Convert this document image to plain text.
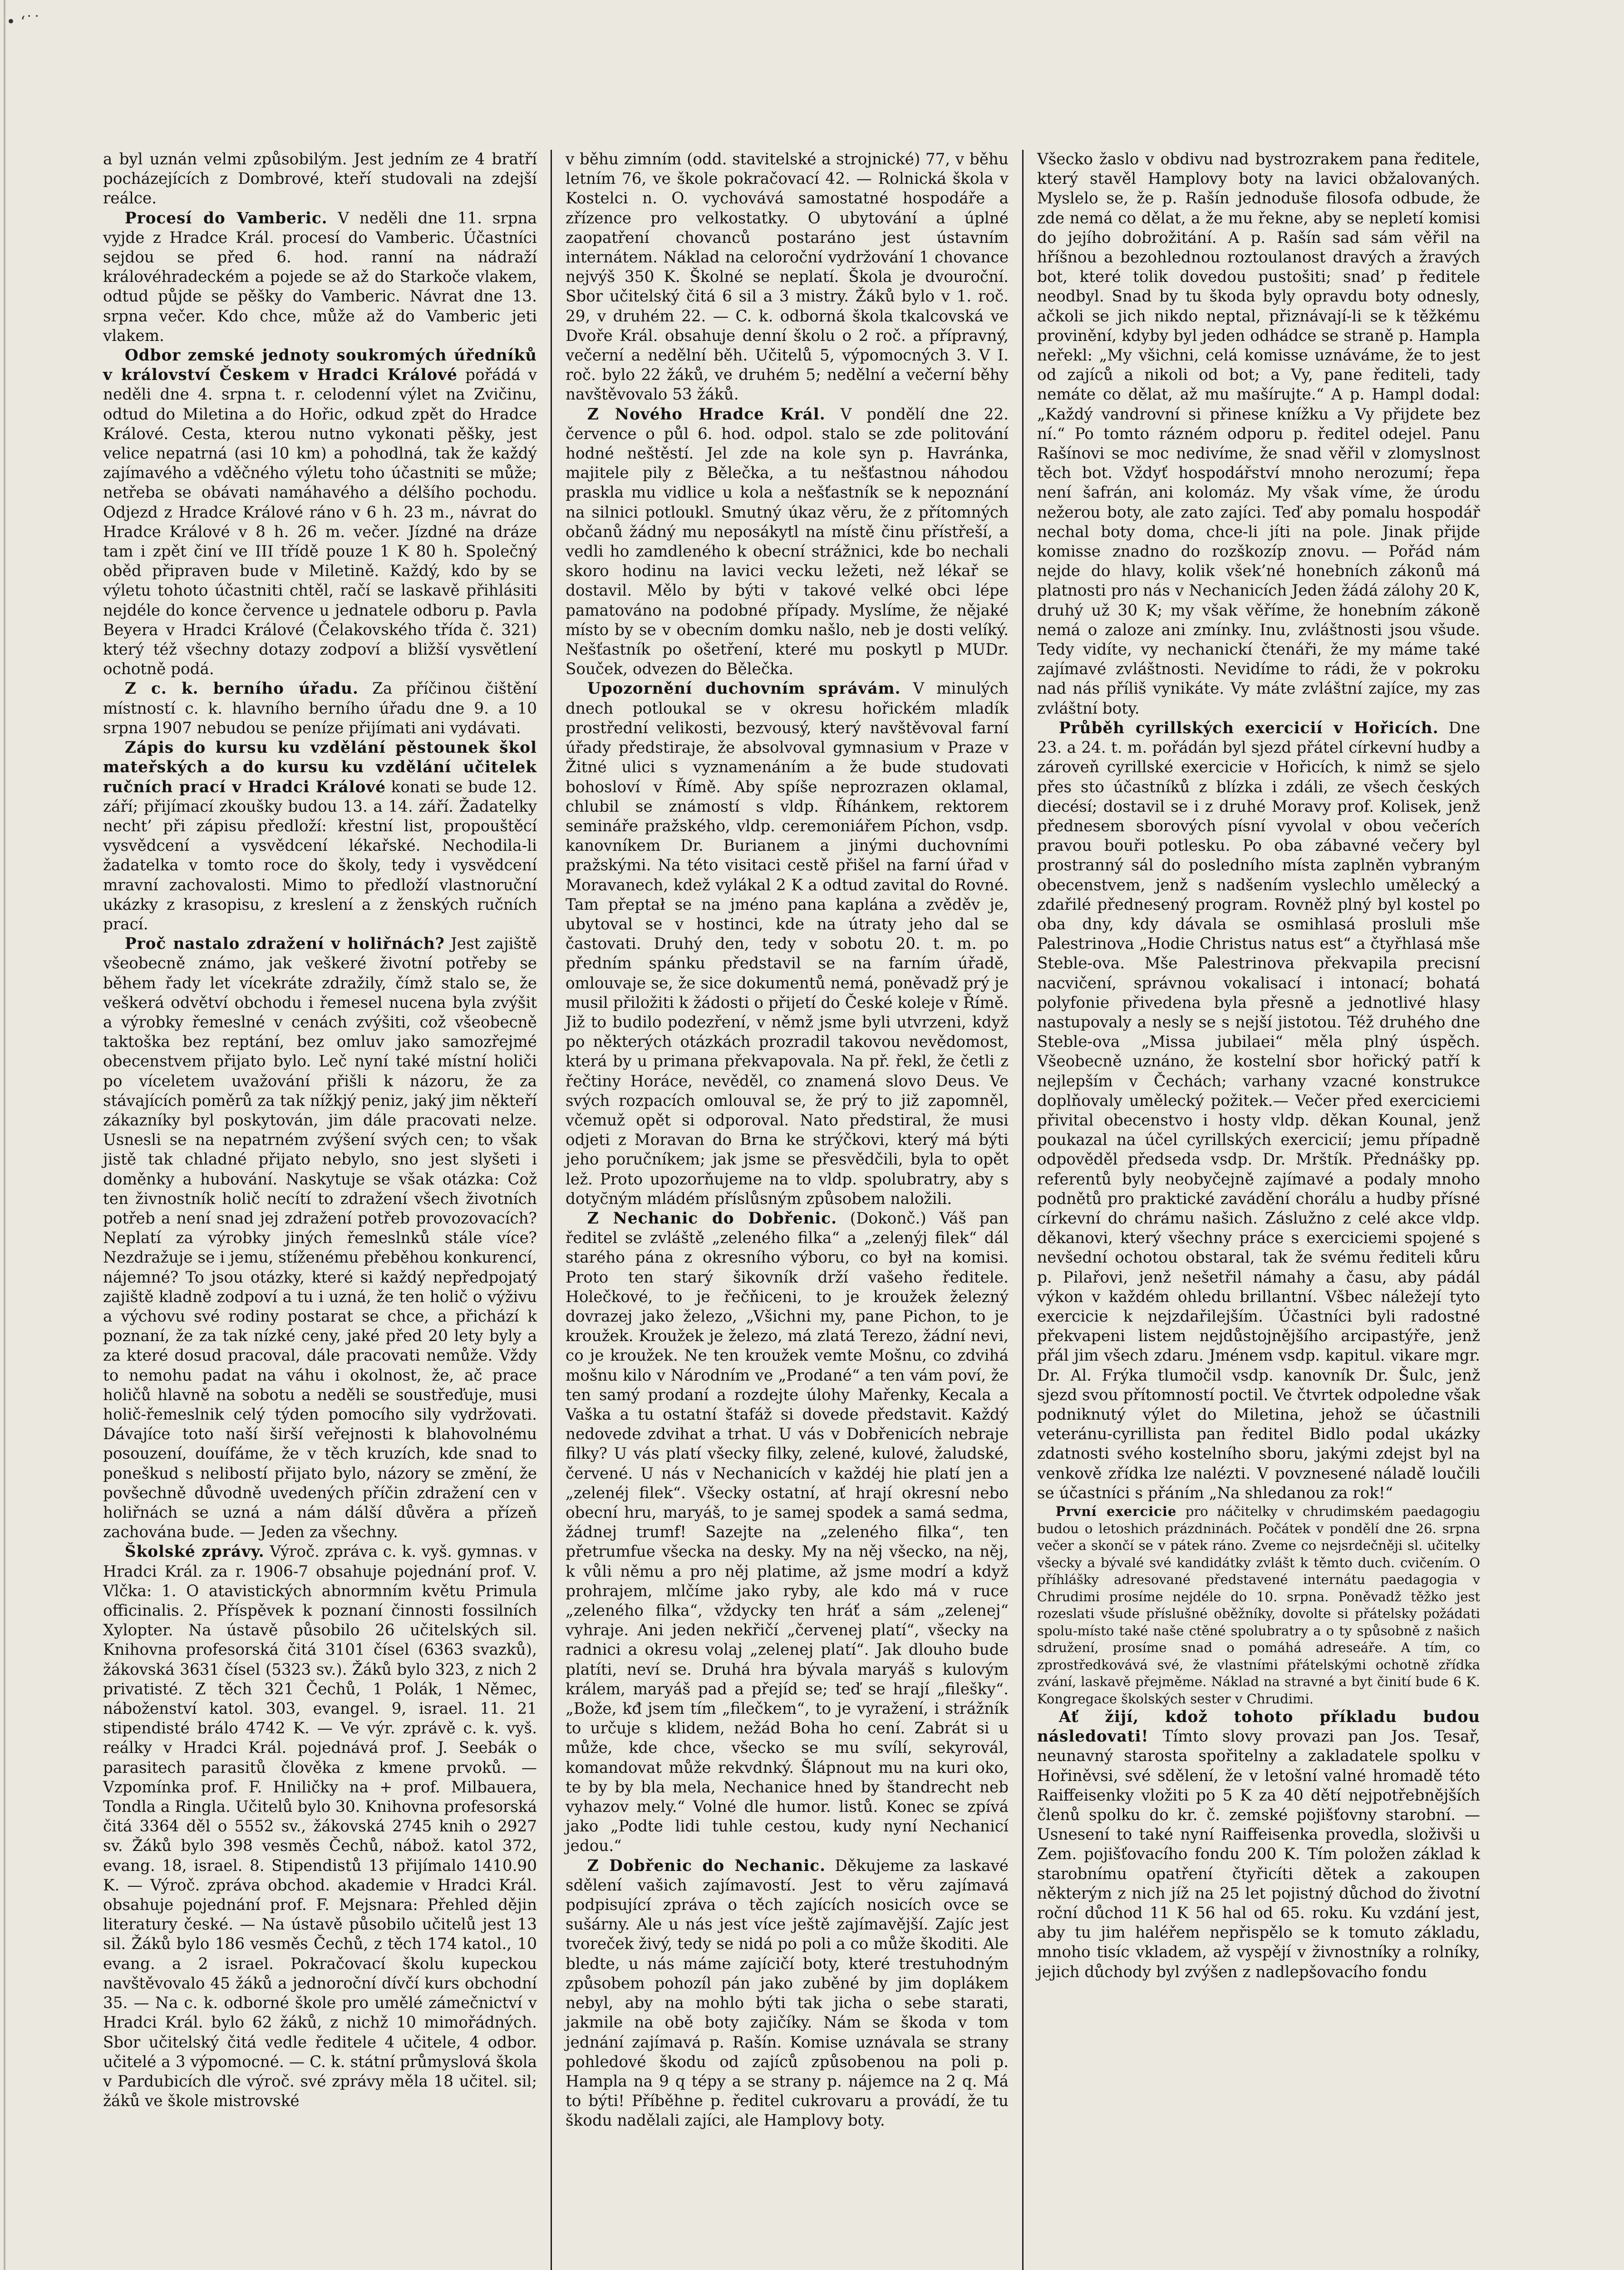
• ‘˙˙

a byl uznán velmi způsobilým. Jest jedním ze 4 bratří pocházejících z Dombrové, kteří studovali na zdejší reálce.

Procesí do Vamberic. V neděli dne 11. srpna vyjde z Hradce Král. procesí do Vamberic. Účastníci sejdou se před 6. hod. ranní na nádraží královéhradeckém a pojede se až do Starkoče vlakem, odtud půjde se pěšky do Vamberic. Návrat dne 13. srpna večer. Kdo chce, může až do Vamberic jeti vlakem.

Odbor zemské jednoty soukromých úředníků v království Českem v Hradci Králové pořádá v neděli dne 4. srpna t. r. celodenní výlet na Zvičinu, odtud do Miletina a do Hořic, odkud zpět do Hradce Králové. Cesta, kterou nutno vykonati pěšky, jest velice nepatrná (asi 10 km) a pohodlná, tak že každý zajímavého a vděčného výletu toho účastniti se může; netřeba se obávati namáhavého a délšího pochodu. Odjezd z Hradce Králové ráno v 6 h. 23 m., návrat do Hradce Králové v 8 h. 26 m. večer. Jízdné na dráze tam i zpět činí ve III třídě pouze 1 K 80 h. Společný oběd připraven bude v Miletině. Každý, kdo by se výletu tohoto účastniti chtěl, račí se laskavě přihlásiti nejdéle do konce července u jednatele odboru p. Pavla Beyera v Hradci Králové (Čelakovského třída č. 321) který též všechny dotazy zodpoví a bližší vysvětlení ochotně podá.

Z c. k. berního úřadu. Za příčinou čištění místností c. k. hlavního berního úřadu dne 9. a 10 srpna 1907 nebudou se peníze přijímati ani vydávati.

Zápis do kursu ku vzdělání pěstounek škol mateřských a do kursu ku vzdělání učitelek ručních prací v Hradci Králové konati se bude 12. září; přijímací zkoušky budou 13. a 14. září. Žadatelky necht’ při zápisu předloží: křestní list, propouštěcí vysvědcení a vysvědcení lékařské. Nechodila-li žadatelka v tomto roce do školy, tedy i vysvědcení mravní zachovalosti. Mimo to předloží vlastnoruční ukázky z krasopisu, z kreslení a z ženských ručních prací.

Proč nastalo zdražení v holiřnách? Jest zajiště všeobecně známo, jak veškeré životní potřeby se během řady let vícekráte zdražily, čímž stalo se, že veškerá odvětví obchodu i řemesel nucena byla zvýšit a výrobky řemeslné v cenách zvýšiti, což všeobecně taktoška bez reptání, bez omluv jako samozřejmé obecenstvem přijato bylo. Leč nyní také místní holiči po víceletem uvažování přišli k názoru, že za stávajících poměrů za tak nížkjý peniz, jaký jim někteří zákazníky byl poskytován, jim dále pracovati nelze. Usnesli se na nepatrném zvýšení svých cen; to však jistě tak chladné přijato nebylo, sno jest slyšeti i doměnky a hubování. Naskytuje se však otázka: Což ten živnostník holič necítí to zdražení všech životních potřeb a není snad jej zdražení potřeb provozovacích? Neplatí za výrobky jiných řemeslnků stále více? Nezdražuje se i jemu, stíženému přeběhou konkurencí, nájemné? To jsou otázky, které si každý nepředpojatý zajiště kladně zodpoví a tu i uzná, že ten holič o výživu a výchovu své rodiny postarat se chce, a přichází k poznaní, že za tak nízké ceny, jaké před 20 lety byly a za které dosud pracoval, dále pracovati nemůže. Vždy to nemohu padat na váhu i okolnost, že, ač prace holičů hlavně na sobotu a neděli se soustřeďuje, musi holič-řemeslnik celý týden pomocího sily vydržovati. Dávajíce toto naší širší veřejnosti k blahovolnému posouzení, douífáme, že v těch kruzích, kde snad to poneškud s nelibostí přijato bylo, názory se změní, že povšechně důvodně uvedených příčin zdražení cen v holiřnách se uzná a nám dálší důvěra a přízeň zachována bude. — Jeden za všechny.

Školské zprávy. Výroč. zpráva c. k. vyš. gymnas. v Hradci Král. za r. 1906-7 obsahuje pojednání prof. V. Vlčka: 1. O atavistických abnormním květu Primula officinalis. 2. Příspěvek k poznaní činnosti fossilních Xylopter. Na ústavě působilo 26 učitelských sil. Knihovna profesorská čitá 3101 čísel (6363 svazků), žákovská 3631 čísel (5323 sv.). Žáků bylo 323, z nich 2 privatisté. Z těch 321 Čechů, 1 Polák, 1 Němec, náboženství katol. 303, evangel. 9, israel. 11. 21 stipendisté brálo 4742 K. — Ve výr. zprávě c. k. vyš. reálky v Hradci Král. pojednává prof. J. Seebák o parasitech parasitů člověka z kmene prvoků. — Vzpomínka prof. F. Hniličky na + prof. Milbauera, Tondla a Ringla. Učitelů bylo 30. Knihovna profesorská čitá 3364 děl o 5552 sv., žákovská 2745 knih o 2927 sv. Žáků bylo 398 vesměs Čechů, nábož. katol 372, evang. 18, israel. 8. Stipendistů 13 přijímalo 1410.90 K. — Výroč. zpráva obchod. akademie v Hradci Král. obsahuje pojednání prof. F. Mejsnara: Přehled dějin literatury české. — Na ústavě působilo učitelů jest 13 sil. Žáků bylo 186 vesměs Čechů, z těch 174 katol., 10 evang. a 2 israel. Pokračovací školu kupeckou navštěvovalo 45 žáků a jednoroční dívčí kurs obchodní 35. — Na c. k. odborné škole pro umělé zámečnictví v Hradci Král. bylo 62 žáků, z nichž 10 mimořádných. Sbor učitelský čitá vedle ředitele 4 učitele, 4 odbor. učitelé a 3 výpomocné. — C. k. státní průmyslová škola v Pardubicích dle výroč. své zprávy měla 18 učitel. sil; žáků ve škole mistrovské

v běhu zimním (odd. stavitelské a strojnické) 77, v běhu letním 76, ve škole pokračovací 42. — Rolnická škola v Kostelci n. O. vychovává samostatné hospodáře a zřízence pro velkostatky. O ubytování a úplné zaopatření chovanců postaráno jest ústavním internátem. Náklad na celoroční vydržování 1 chovance nejvýš 350 K. Školné se neplatí. Škola je dvouroční. Sbor učitelský čitá 6 sil a 3 mistry. Žáků bylo v 1. roč. 29, v druhém 22. — C. k. odborná škola tkalcovská ve Dvoře Král. obsahuje denní školu o 2 roč. a přípravný, večerní a nedělní běh. Učitelů 5, výpomocných 3. V I. roč. bylo 22 žáků, ve druhém 5; nedělní a večerní běhy navštěvovalo 53 žáků.

Z Nového Hradce Král. V pondělí dne 22. července o půl 6. hod. odpol. stalo se zde politování hodné neštěstí. Jel zde na kole syn p. Havránka, majitele pily z Bělečka, a tu nešťastnou náhodou praskla mu vidlice u kola a nešťastník se k nepoznání na silnici potloukl. Smutný úkaz věru, že z přítomných občanů žádný mu neposákytl na místě činu přístřeší, a vedli ho zamdleného k obecní strážnici, kde bo nechali skoro hodinu na lavici vecku ležeti, než lékař se dostavil. Mělo by býti v takové velké obci lépe pamatováno na podobné případy. Myslíme, že nějaké místo by se v obecním domku našlo, neb je dosti velíký. Nešťastník po ošetření, které mu poskytl p MUDr. Souček, odvezen do Bělečka.

Upozornění duchovním správám. V minulých dnech potloukal se v okresu hořickém mladík prostřední velikosti, bezvousý, který navštěvoval farní úřady předstiraje, že absolvoval gymnasium v Praze v Žitné ulici s vyznamenáním a že bude studovati bohosloví v Římě. Aby spíše neprozrazen oklamal, chlubil se známostí s vldp. Říhánkem, rektorem semináře pražského, vldp. ceremoniářem Píchon, vsdp. kanovníkem Dr. Burianem a jinými duchovními pražskými. Na této visitaci cestě přišel na farní úřad v Moravanech, kdež vylákal 2 K a odtud zavital do Rovné. Tam přeptał se na jméno pana kaplána a zvěděv je, ubytoval se v hostinci, kde na útraty jeho dal se častovati. Druhý den, tedy v sobotu 20. t. m. po předním spánku představil se na farním úřadě, omlouvaje se, že sice dokumentů nemá, poněvadž prý je musil přiložiti k žádosti o přijetí do České koleje v Římě. Již to budilo podezření, v němž jsme byli utvrzeni, když po některých otázkách prozradil takovou nevědomost, která by u primana překvapovala. Na př. řekl, že četli z řečtiny Horáce, nevěděl, co znamená slovo Deus. Ve svých rozpacích omlouval se, že prý to již zapomněl, včemuž opět si odporoval. Nato předstiral, že musi odjeti z Moravan do Brna ke strýčkovi, který má býti jeho poručníkem; jak jsme se přesvědčili, byla to opět lež. Proto upozorňujeme na to vldp. spolubratry, aby s dotyc̆ným mládém příslůsným způsobem naložili.

Z Nechanic do Dobřenic. (Dokonč.) Váš pan ředitel se zvláště „zeleného filka“ a „zelenýj filek“ dál starého pána z okresního výboru, co był na komisi. Proto ten starý šikovník drží vašeho ředitele. Holečkové, to je řečňiceni, to je kroužek železný dovrazej jako železo, „Všichni my, pane Pichon, to je kroužek. Kroužek je železo, má zlatá Terezo, žádní nevi, co je kroužek. Ne ten kroužek vemte Mošnu, co zdvihá mošnu kilo v Národním ve „Prodané“ a ten vám poví, že ten samý prodaní a rozdejte úlohy Mařenky, Kecala a Vaška a tu ostatní štafáž si dovede představit. Každý nedovede zdvihat a trhat. U vás v Dobřenicích nebraje filky? U vás platí všecky filky, zelené, kulové, žaludské, červené. U nás v Nechanicích v každéj hie platí jen a „zelenéj filek“. Všecky ostatní, ať hrají okresní nebo obecní hru, maryáš, to je samej spodek a samá sedma, žádnej trumf! Sazejte na „zeleného filka“, ten přetrumfue všecka na desky. My na něj všecko, na něj, k vůli němu a pro něj platime, až jsme modrí a když prohrajem, mlčíme jako ryby, ale kdo má v ruce „zeleného filka“, vždycky ten hráť a sám „zelenej“ vyhraje. Ani jeden nekřičí „červenej platí“, všecky na radnici a okresu volaj „zelenej platí“. Jak dlouho bude platíti, neví se. Druhá hra bývala maryáš s kulovým králem, maryáš pad a přejíd se; teď se hrají „filešky“. „Bože, kđ jsem tím „filečkem“, to je vyražení, i strážník to určuje s klidem, nežád Boha ho cení. Zabrát si u může, kde chce, všecko se mu svílí, sekyrovál, komandovat může rekvdnký. Šlápnout mu na kuri oko, te by by bla mela, Nechanice hned by štandrecht neb vyhazov mely.“ Volné dle humor. listů. Konec se zpívá jako „Podte lidi tuhle cestou, kudy nyní Nechanicí jedou.“

Z Dobřenic do Nechanic. Děkujeme za laskavé sdělení vašich zajímavostí. Jest to věru zajímavá podpisující zpráva o těch zajících nosicích ovce se sušárny. Ale u nás jest více ještě zajímavější. Zajíc jest tvoreček živý, tedy se nidá po poli a co může škoditi. Ale bledte, u nás máme zajícičí boty, které trestuhodným způsobem pohozíl pán jako zuběné by jim doplákem nebyl, aby na mohlo býti tak jicha o sebe starati, jakmile na obě boty zajičíky. Nám se škoda v tom jednání zajímavá p. Rašín. Komise uznávala se strany pohledové škodu od zajíců způsobenou na poli p. Hampla na 9 q tépy a se strany p. nájemce na 2 q. Má to býti! Příběhne p. ředitel cukrovaru a provádí, že tu škodu nadělali zajíci, ale Hamplovy boty.

Všecko žaslo v obdivu nad bystrozrakem pana ředitele, který stavěl Hamplovy boty na lavici obžalovaných. Myslelo se, že p. Rašín jednoduše filosofa odbude, že zde nemá co dělat, a že mu řekne, aby se nepletí komisi do jejího dobrožitání. A p. Rašín sad sám věřil na hříšnou a bezohlednou roztoulanost dravých a žravých bot, které tolik dovedou pustošiti; snad’ p ředitele neodbyl. Snad by tu škoda byly opravdu boty odnesly, ačkoli se jich nikdo neptal, přiznávají-li se k těžkému provinění, kdyby byl jeden odhádce se straně p. Hampla neřekl: „My všichni, celá komisse uznáváme, že to jest od zajíců a nikoli od bot; a Vy, pane řediteli, tady nemáte co dělat, až mu mašírujte.“ A p. Hampl dodal: „Každý vandrovní si přinese knížku a Vy přijdete bez ní.“ Po tomto rázném odporu p. ředitel odejel. Panu Rašínovi se moc nedivíme, že snad věřil v zlomyslnost těch bot. Vždyť hospodářství mnoho nerozumí; řepa není šafrán, ani kolomáz. My však víme, že úrodu nežerou boty, ale zato zajíci. Teď aby pomalu hospodář nechal boty doma, chce-li jíti na pole. Jinak přijde komisse znadno do rozškozíp znovu. — Pořád nám nejde do hlavy, kolik všek’né honebních zákonů má platnosti pro nás v Nechanicích Jeden žádá zálohy 20 K, druhý už 30 K; my však věříme, že honebním zákoně nemá o zaloze ani zmínky. Inu, zvláštnosti jsou všude. Tedy vidíte, vy nechanickí čtenáři, že my máme také zajímavé zvláštnosti. Nevidíme to rádi, že v pokroku nad nás příliš vynikáte. Vy máte zvláštní zajíce, my zas zvláštní boty.

Průběh cyrillských exercicií v Hořicích. Dne 23. a 24. t. m. pořádán byl sjezd přátel církevní hudby a zároveň cyrillské exercicie v Hořicích, k nimž se sjelo přes sto účastníků z blízka i zdáli, ze všech českých diecésí; dostavil se i z druhé Moravy prof. Kolisek, jenž přednesem sborových písní vyvolal v obou večerích pravou bouři potlesku. Po oba zábavné večery byl prostranný sál do posledního místa zaplněn vybraným obecenstvem, jenž s nadšením vyslechlo umělecký a zdařilé přednesený program. Rovněž plný byl kostel po oba dny, kdy dávala se osmihlasá prosluli mše Palestrinova „Hodie Christus natus est“ a čtyřhlasá mše Steble-ova. Mše Palestrinova překvapila precisní nacvičení, správnou vokalisací i intonací; bohatá polyfonie přivedena byla přesně a jednotlivé hlasy nastupovaly a nesly se s nejší jistotou. Též druhého dne Steble-ova „Missa jubilaei“ měla plný úspěch. Všeobecně uznáno, že kostelní sbor hořický patří k nejlepším v Čechách; varhany vzacné konstrukce doplňovaly umělecký požitek.— Večer před exerciciemi přivital obecenstvo i hosty vldp. děkan Kounal, jenž poukazal na účel cyrillských exercicií; jemu případně odpověděl předseda vsdp. Dr. Mrštík. Přednášky pp. referentů byly neobyčejně zajímavé a podaly mnoho podnětů pro praktické zavádění chorálu a hudby přísné církevní do chrámu našich. Záslužno z celé akce vldp. děkanovi, který všechny práce s exerciciemi spojené s nevšední ochotou obstaral, tak že svému řediteli kůru p. Pilařovi, jenž nešetřil námahy a času, aby pádál výkon v každém ohledu brillantní. Všbec náležejí tyto exercicie k nejzdařilejším. Účastníci byli radostné překvapeni listem nejdůstojnějšího arcipastýře, jenž přál jim všech zdaru. Jménem vsdp. kapitul. vikare mgr. Dr. Al. Frýka tlumočil vsdp. kanovník Dr. Šulc, jenž sjezd svou přítomností poctil. Ve čtvrtek odpoledne však podniknutý výlet do Miletina, jehož se účastnili veteránu-cyrillista pan ředitel Bidlo podal ukázky zdatnosti svého kostelního sboru, jakými zdejst byl na venkově zřídka lze nalézti. V povznesené náladě loučili se účastníci s přáním „Na shledanou za rok!“

První exercicie pro náčitelky v chrudimském paedagogiu budou o letoshich prázdninách. Počátek v pondělí dne 26. srpna večer a skončí se v pátek ráno. Zveme co nejsrdečněji sl. učitelky všecky a bývalé své kandidátky zvlášt k těmto duch. cvičením. O příhlášky adresované představené internátu paedagogia v Chrudimi prosíme nejdéle do 10. srpna. Poněvadž těžko jest rozeslati všude příslušné oběžníky, dovolte si přátelsky požádati spolu-místo také naše ctěné spolubratry a o ty spůsobně z našich sdružení, prosíme snad o pomáhá adreseáře. A tím, co zprostředkovává své, že vlastními přátelskými ochotně zřídka zvání, laskavě přejměme. Náklad na stravné a byt činití bude 6 K. Kongregace školských sester v Chrudimi.

Ať žijí, kdož tohoto příkladu budou následovati! Tímto slovy provazi pan Jos. Tesař, neunavný starosta spořitelny a zakladatele spolku v Hořiněvsi, své sdělení, že v letošní valné hromadě této Raiffeisenky vložiti po 5 K za 40 dětí nejpotřebnějších členů spolku do kr. č. zemské pojišťovny starobní. — Usnesení to také nyní Raiffeisenka provedla, složivši u Zem. pojišťovacího fondu 200 K. Tím položen základ k starobnímu opatření čtyřicíti dětek a zakoupen některým z nich jíž na 25 let pojistný důchod do životní roční důchod 11 K 56 hal od 65. roku. Ku vzdání jest, aby tu jim haléřem nepřispělo se k tomuto základu, mnoho tisíc vkladem, až vyspějí v živnostníky a rolníky, jejich důchody byl zvýšen z nadlepšovacího fondu
